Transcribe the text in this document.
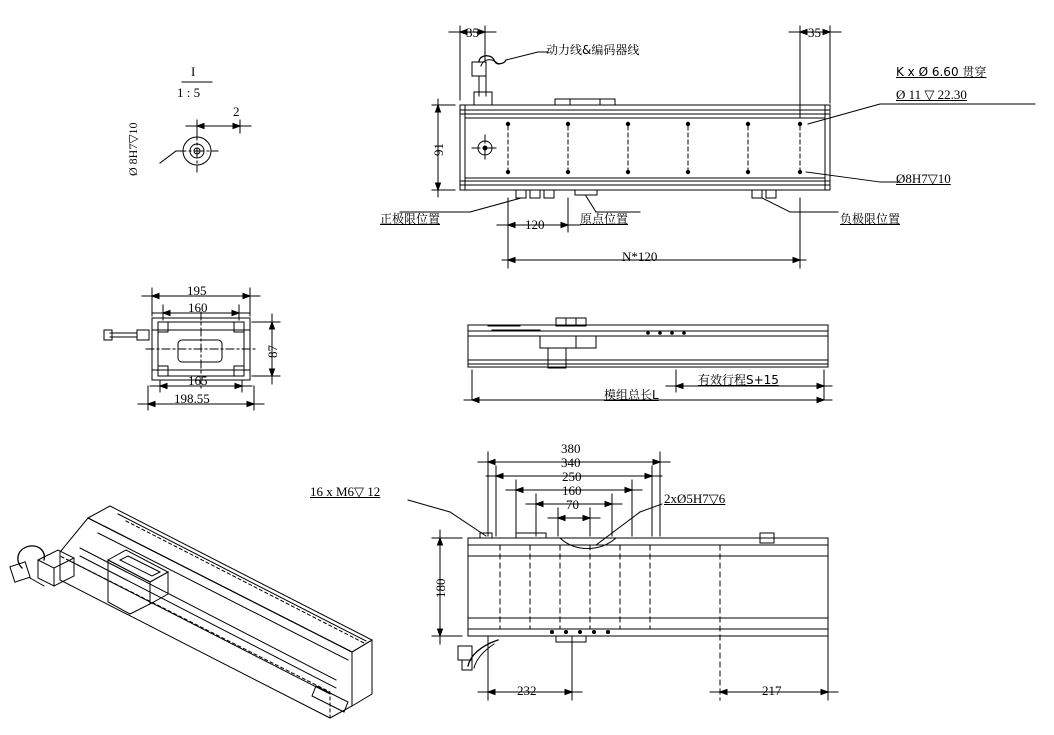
I
1 : 5
2
Ø 8H7▽10
35	35
91
120
N*120
动力线&编码器线
正极限位置	原点位置	负极限位置
K x Ø 6.60 贯穿
Ø 11 ▽ 22.30
Ø8H7▽10
195
160
165
198.55
87
有效行程S+15
模组总长L
380
340
250
160
70
180
232	217
16 x M6▽ 12	2xØ5H7▽6
